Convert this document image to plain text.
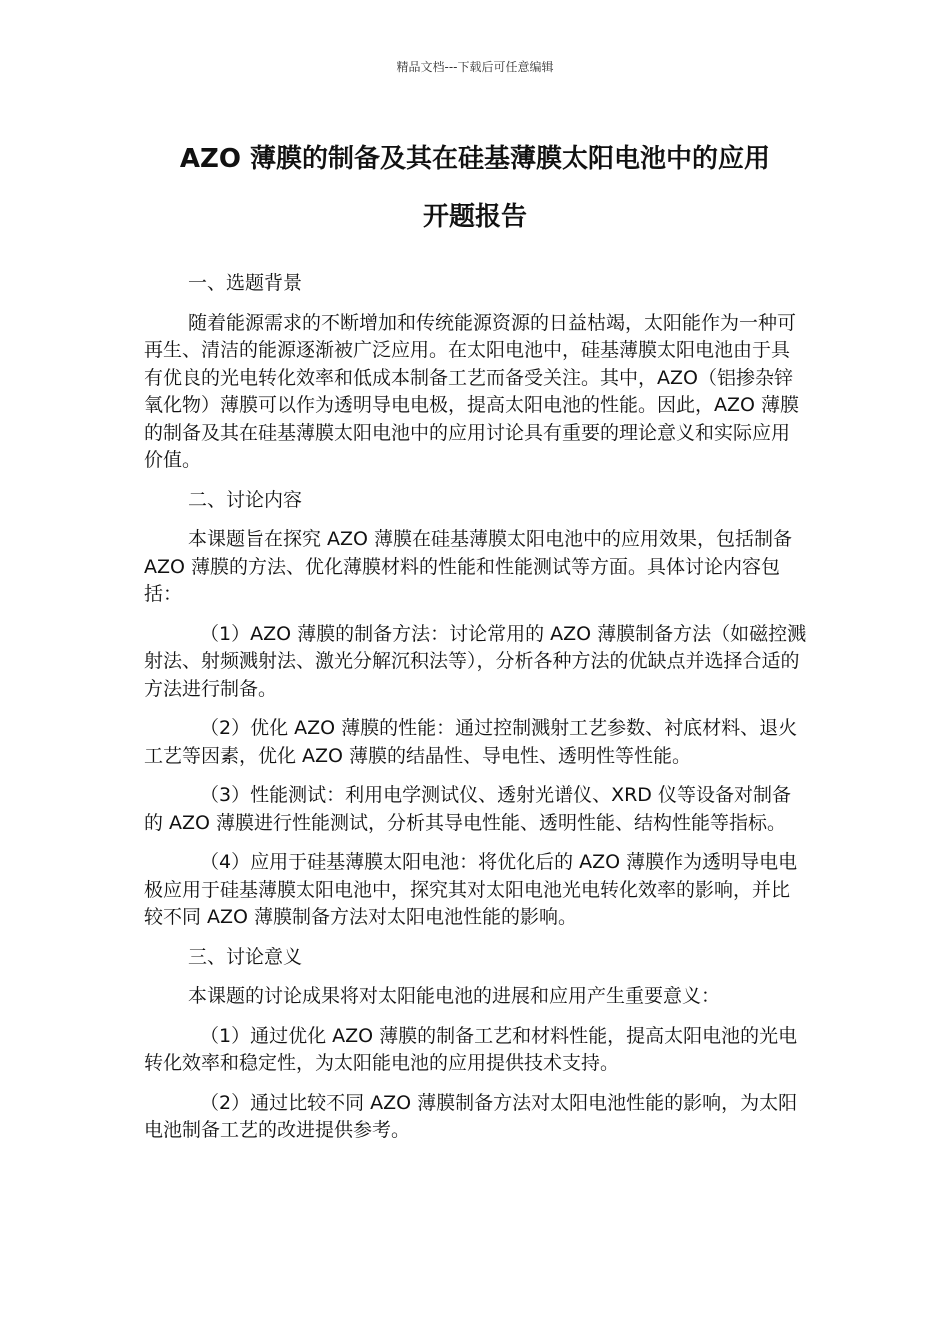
精品文档---下载后可任意编辑
AZO 薄膜的制备及其在硅基薄膜太阳电池中的应用
开题报告

一、选题背景

随着能源需求的不断增加和传统能源资源的日益枯竭，太阳能作为一种可再生、清洁的能源逐渐被广泛应用。在太阳电池中，硅基薄膜太阳电池由于具有优良的光电转化效率和低成本制备工艺而备受关注。其中，AZO（铝掺杂锌氧化物）薄膜可以作为透明导电电极，提高太阳电池的性能。因此，AZO 薄膜的制备及其在硅基薄膜太阳电池中的应用讨论具有重要的理论意义和实际应用价值。

二、讨论内容

本课题旨在探究 AZO 薄膜在硅基薄膜太阳电池中的应用效果，包括制备 AZO 薄膜的方法、优化薄膜材料的性能和性能测试等方面。具体讨论内容包括：

（1）AZO 薄膜的制备方法：讨论常用的 AZO 薄膜制备方法（如磁控溅射法、射频溅射法、激光分解沉积法等），分析各种方法的优缺点并选择合适的方法进行制备。

（2）优化 AZO 薄膜的性能：通过控制溅射工艺参数、衬底材料、退火工艺等因素，优化 AZO 薄膜的结晶性、导电性、透明性等性能。

（3）性能测试：利用电学测试仪、透射光谱仪、XRD 仪等设备对制备的 AZO 薄膜进行性能测试，分析其导电性能、透明性能、结构性能等指标。

（4）应用于硅基薄膜太阳电池：将优化后的 AZO 薄膜作为透明导电电极应用于硅基薄膜太阳电池中，探究其对太阳电池光电转化效率的影响，并比较不同 AZO 薄膜制备方法对太阳电池性能的影响。

三、讨论意义

本课题的讨论成果将对太阳能电池的进展和应用产生重要意义：

（1）通过优化 AZO 薄膜的制备工艺和材料性能，提高太阳电池的光电转化效率和稳定性，为太阳能电池的应用提供技术支持。

（2）通过比较不同 AZO 薄膜制备方法对太阳电池性能的影响，为太阳电池制备工艺的改进提供参考。
